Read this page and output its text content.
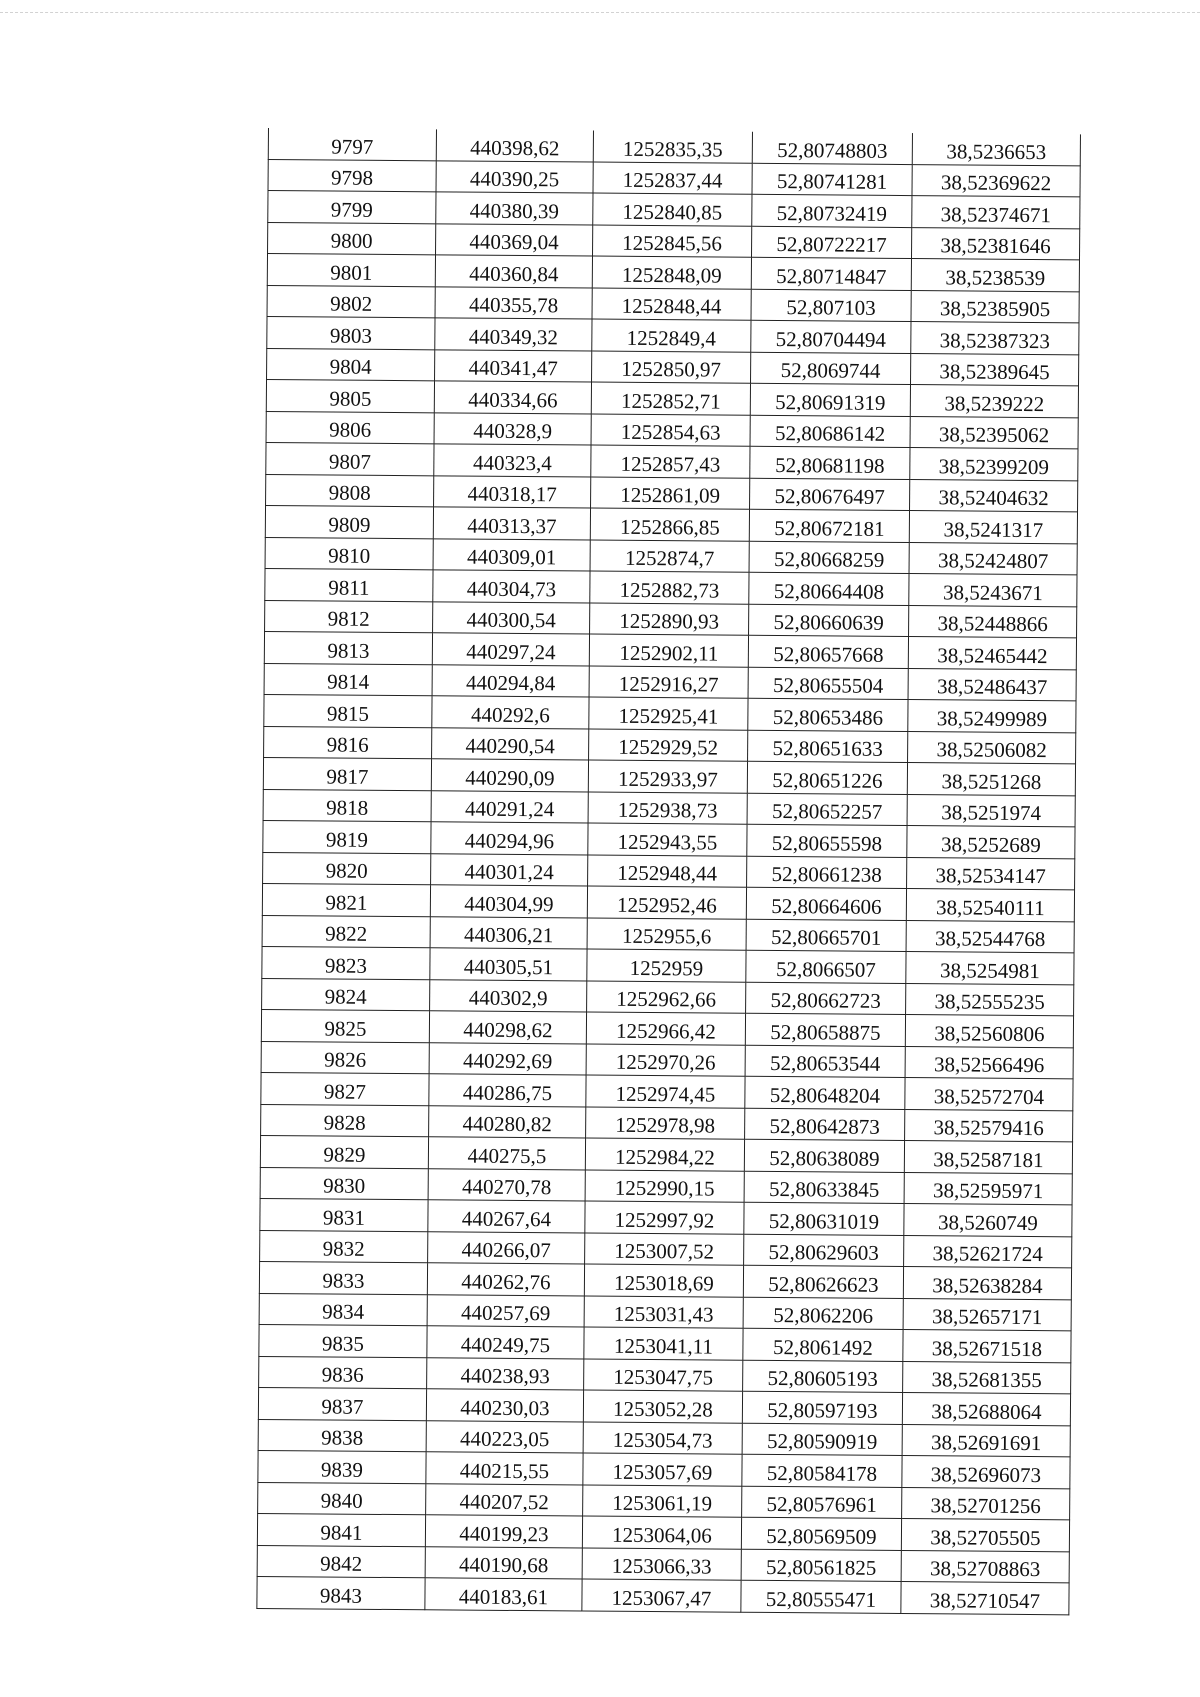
9797	440398,62	1252835,35	52,80748803	38,5236653
9798	440390,25	1252837,44	52,80741281	38,52369622
9799	440380,39	1252840,85	52,80732419	38,52374671
9800	440369,04	1252845,56	52,80722217	38,52381646
9801	440360,84	1252848,09	52,80714847	38,5238539
9802	440355,78	1252848,44	52,807103	38,52385905
9803	440349,32	1252849,4	52,80704494	38,52387323
9804	440341,47	1252850,97	52,8069744	38,52389645
9805	440334,66	1252852,71	52,80691319	38,5239222
9806	440328,9	1252854,63	52,80686142	38,52395062
9807	440323,4	1252857,43	52,80681198	38,52399209
9808	440318,17	1252861,09	52,80676497	38,52404632
9809	440313,37	1252866,85	52,80672181	38,5241317
9810	440309,01	1252874,7	52,80668259	38,52424807
9811	440304,73	1252882,73	52,80664408	38,5243671
9812	440300,54	1252890,93	52,80660639	38,52448866
9813	440297,24	1252902,11	52,80657668	38,52465442
9814	440294,84	1252916,27	52,80655504	38,52486437
9815	440292,6	1252925,41	52,80653486	38,52499989
9816	440290,54	1252929,52	52,80651633	38,52506082
9817	440290,09	1252933,97	52,80651226	38,5251268
9818	440291,24	1252938,73	52,80652257	38,5251974
9819	440294,96	1252943,55	52,80655598	38,5252689
9820	440301,24	1252948,44	52,80661238	38,52534147
9821	440304,99	1252952,46	52,80664606	38,52540111
9822	440306,21	1252955,6	52,80665701	38,52544768
9823	440305,51	1252959	52,8066507	38,5254981
9824	440302,9	1252962,66	52,80662723	38,52555235
9825	440298,62	1252966,42	52,80658875	38,52560806
9826	440292,69	1252970,26	52,80653544	38,52566496
9827	440286,75	1252974,45	52,80648204	38,52572704
9828	440280,82	1252978,98	52,80642873	38,52579416
9829	440275,5	1252984,22	52,80638089	38,52587181
9830	440270,78	1252990,15	52,80633845	38,52595971
9831	440267,64	1252997,92	52,80631019	38,5260749
9832	440266,07	1253007,52	52,80629603	38,52621724
9833	440262,76	1253018,69	52,80626623	38,52638284
9834	440257,69	1253031,43	52,8062206	38,52657171
9835	440249,75	1253041,11	52,8061492	38,52671518
9836	440238,93	1253047,75	52,80605193	38,52681355
9837	440230,03	1253052,28	52,80597193	38,52688064
9838	440223,05	1253054,73	52,80590919	38,52691691
9839	440215,55	1253057,69	52,80584178	38,52696073
9840	440207,52	1253061,19	52,80576961	38,52701256
9841	440199,23	1253064,06	52,80569509	38,52705505
9842	440190,68	1253066,33	52,80561825	38,52708863
9843	440183,61	1253067,47	52,80555471	38,52710547
